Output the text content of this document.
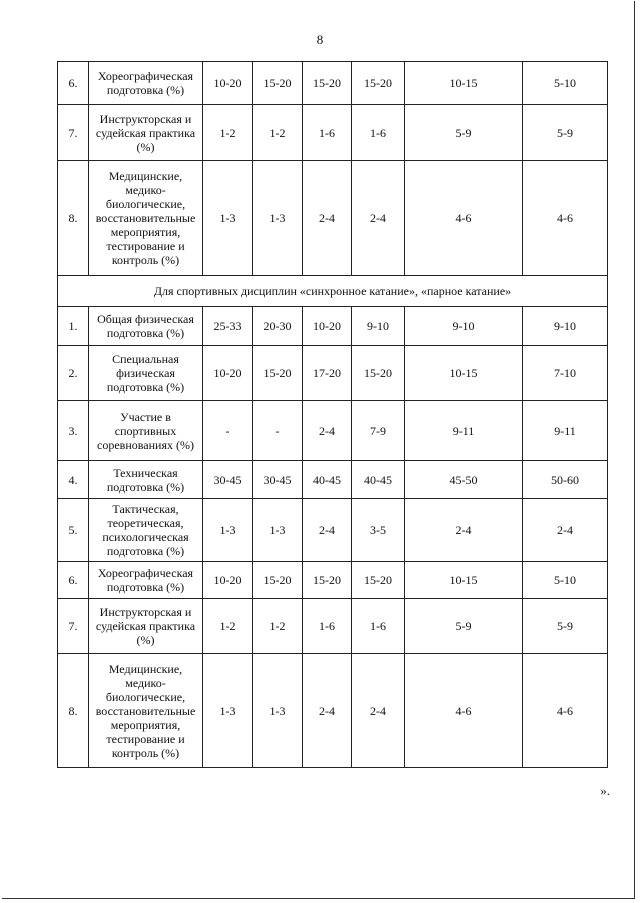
8
6.	Хореографическая подготовка (%)	10-20	15-20	15-20	15-20	10-15	5-10
7.	Инструкторская и судейская практика (%)	1-2	1-2	1-6	1-6	5-9	5-9
8.	Медицинские, медико-биологические, восстановительные мероприятия, тестирование и контроль (%)	1-3	1-3	2-4	2-4	4-6	4-6
Для спортивных дисциплин «синхронное катание», «парное катание»							
1.	Общая физическая подготовка (%)	25-33	20-30	10-20	9-10	9-10	9-10
2.	Специальная физическая подготовка (%)	10-20	15-20	17-20	15-20	10-15	7-10
3.	Участие в спортивных соревнованиях (%)	-	-	2-4	7-9	9-11	9-11
4.	Техническая подготовка (%)	30-45	30-45	40-45	40-45	45-50	50-60
5.	Тактическая, теоретическая, психологическая подготовка (%)	1-3	1-3	2-4	3-5	2-4	2-4
6.	Хореографическая подготовка (%)	10-20	15-20	15-20	15-20	10-15	5-10
7.	Инструкторская и судейская практика (%)	1-2	1-2	1-6	1-6	5-9	5-9
8.	Медицинские, медико-биологические, восстановительные мероприятия, тестирование и контроль (%)	1-3	1-3	2-4	2-4	4-6	4-6
».
